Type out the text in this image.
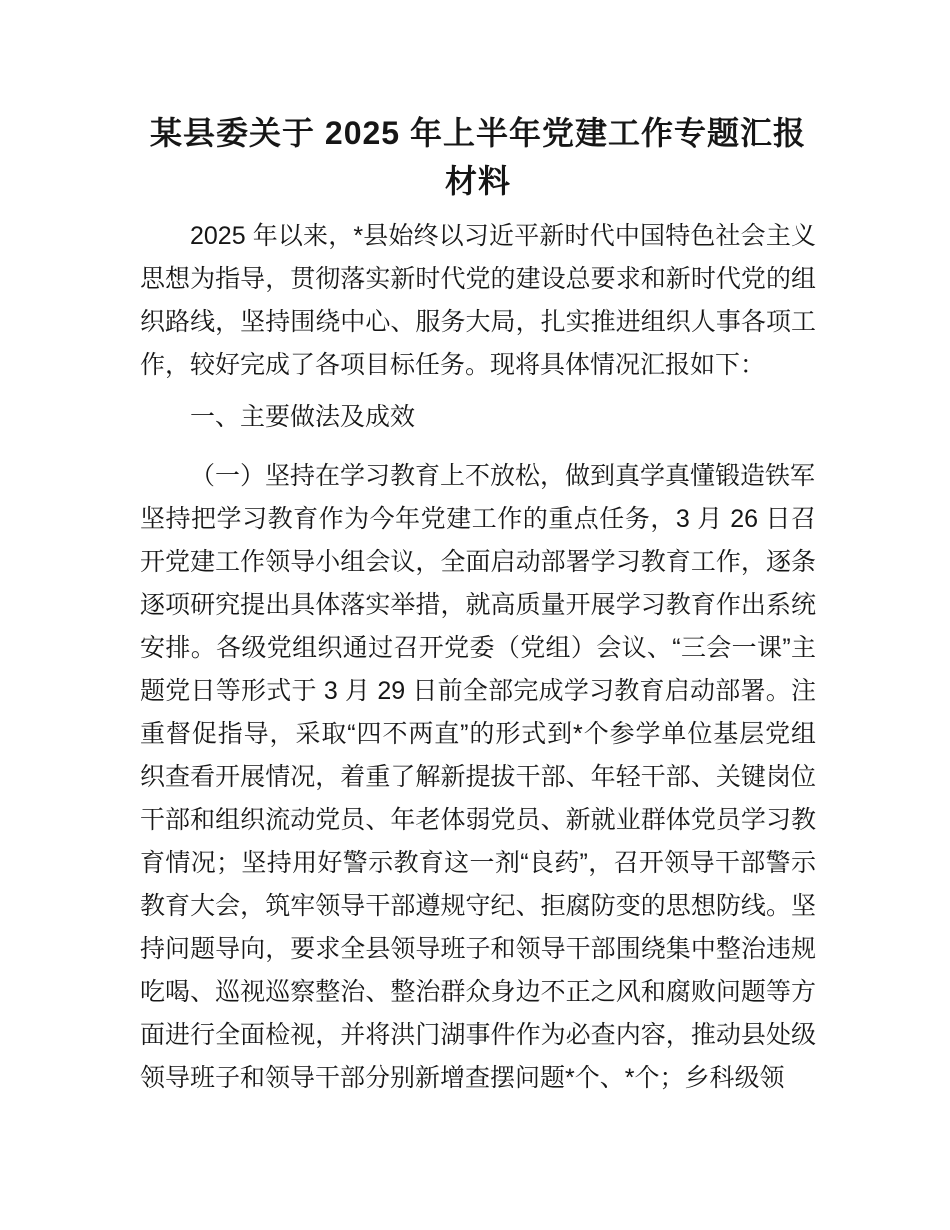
某县委关于 2025 年上半年党建工作专题汇报材料

2025 年以来，*县始终以习近平新时代中国特色社会主义思想为指导，贯彻落实新时代党的建设总要求和新时代党的组织路线，坚持围绕中心、服务大局，扎实推进组织人事各项工作，较好完成了各项目标任务。现将具体情况汇报如下：

一、主要做法及成效

（一）坚持在学习教育上不放松，做到真学真懂锻造铁军

坚持把学习教育作为今年党建工作的重点任务，3 月 26 日召开党建工作领导小组会议，全面启动部署学习教育工作，逐条逐项研究提出具体落实举措，就高质量开展学习教育作出系统安排。各级党组织通过召开党委（党组）会议、“三会一课”主题党日等形式于 3 月 29 日前全部完成学习教育启动部署。注重督促指导，采取“四不两直”的形式到*个参学单位基层党组织查看开展情况，着重了解新提拔干部、年轻干部、关键岗位干部和组织流动党员、年老体弱党员、新就业群体党员学习教育情况；坚持用好警示教育这一剂“良药”，召开领导干部警示教育大会，筑牢领导干部遵规守纪、拒腐防变的思想防线。坚持问题导向，要求全县领导班子和领导干部围绕集中整治违规吃喝、巡视巡察整治、整治群众身边不正之风和腐败问题等方面进行全面检视，并将洪门湖事件作为必查内容，推动县处级领导班子和领导干部分别新增查摆问题*个、*个；乡科级领
